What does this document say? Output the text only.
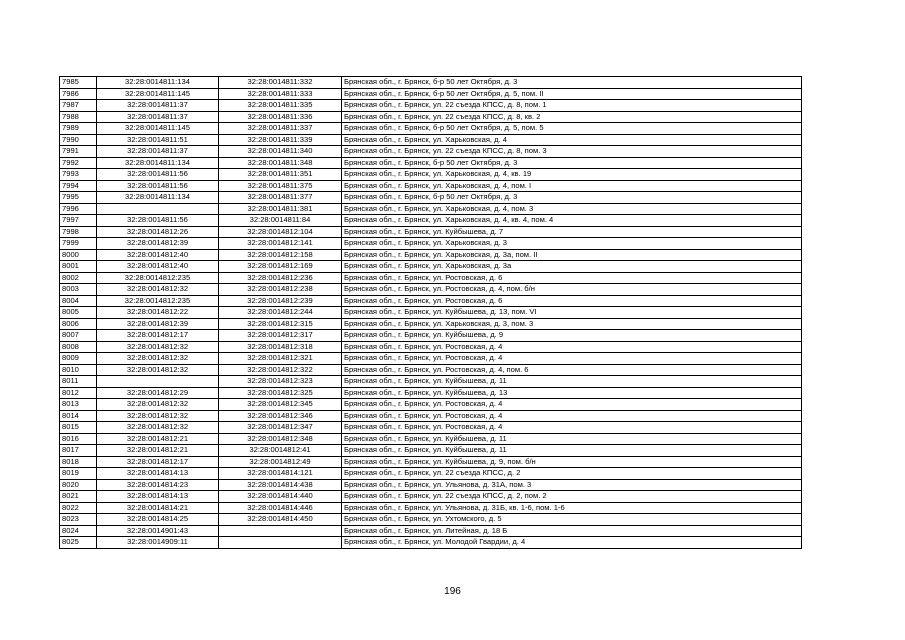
7985	32:28:0014811:134	32:28:0014811:332	Брянская обл., г. Брянск, б-р 50 лет Октября, д. 3
7986	32:28:0014811:145	32:28:0014811:333	Брянская обл., г. Брянск, б-р 50 лет Октября, д. 5, пом. II
7987	32:28:0014811:37	32:28:0014811:335	Брянская обл., г. Брянск, ул. 22 съезда КПСС, д. 8, пом. 1
7988	32:28:0014811:37	32:28:0014811:336	Брянская обл., г. Брянск, ул. 22 съезда КПСС, д. 8, кв. 2
7989	32:28:0014811:145	32:28:0014811:337	Брянская обл., г. Брянск, б-р 50 лет Октября, д. 5, пом. 5
7990	32:28:0014811:51	32:28:0014811:339	Брянская обл., г. Брянск, ул. Харьковская, д. 4
7991	32:28:0014811:37	32:28:0014811:340	Брянская обл., г. Брянск, ул. 22 съезда КПСС, д. 8, пом. 3
7992	32:28:0014811:134	32:28:0014811:348	Брянская обл., г. Брянск, б-р 50 лет Октября, д. 3
7993	32:28:0014811:56	32:28:0014811:351	Брянская обл., г. Брянск, ул. Харьковская, д. 4, кв. 19
7994	32:28:0014811:56	32:28:0014811:375	Брянская обл., г. Брянск, ул. Харьковская, д. 4, пом. I
7995	32:28:0014811:134	32:28:0014811:377	Брянская обл., г. Брянск, б-р 50 лет Октября, д. 3
7996		32:28:0014811:381	Брянская обл., г. Брянск, ул. Харьковская, д. 4, пом. 3
7997	32:28:0014811:56	32:28:0014811:84	Брянская обл., г. Брянск, ул. Харьковская, д. 4, кв. 4, пом. 4
7998	32:28:0014812:26	32:28:0014812:104	Брянская обл., г. Брянск, ул. Куйбышева, д. 7
7999	32:28:0014812:39	32:28:0014812:141	Брянская обл., г. Брянск, ул. Харьковская, д. 3
8000	32:28:0014812:40	32:28:0014812:158	Брянская обл., г. Брянск, ул. Харьковская, д. 3а, пом. II
8001	32:28:0014812:40	32:28:0014812:169	Брянская обл., г. Брянск, ул. Харьковская, д. 3а
8002	32:28:0014812:235	32:28:0014812:236	Брянская обл., г. Брянск, ул. Ростовская, д. 6
8003	32:28:0014812:32	32:28:0014812:238	Брянская обл., г. Брянск, ул. Ростовская, д. 4, пом. б/н
8004	32:28:0014812:235	32:28:0014812:239	Брянская обл., г. Брянск, ул. Ростовская, д. 6
8005	32:28:0014812:22	32:28:0014812:244	Брянская обл., г. Брянск, ул. Куйбышева, д. 13, пом. VI
8006	32:28:0014812:39	32:28:0014812:315	Брянская обл., г. Брянск, ул. Харьковская, д. 3, пом. 3
8007	32:28:0014812:17	32:28:0014812:317	Брянская обл., г. Брянск, ул. Куйбышева, д. 9
8008	32:28:0014812:32	32:28:0014812:318	Брянская обл., г. Брянск, ул. Ростовская, д. 4
8009	32:28:0014812:32	32:28:0014812:321	Брянская обл., г. Брянск, ул. Ростовская, д. 4
8010	32:28:0014812:32	32:28:0014812:322	Брянская обл., г. Брянск, ул. Ростовская, д. 4, пом. 6
8011		32:28:0014812:323	Брянская обл., г. Брянск, ул. Куйбышева, д. 11
8012	32:28:0014812:29	32:28:0014812:325	Брянская обл., г. Брянск, ул. Куйбышева, д. 13
8013	32:28:0014812:32	32:28:0014812:345	Брянская обл., г. Брянск, ул. Ростовская, д. 4
8014	32:28:0014812:32	32:28:0014812:346	Брянская обл., г. Брянск, ул. Ростовская, д. 4
8015	32:28:0014812:32	32:28:0014812:347	Брянская обл., г. Брянск, ул. Ростовская, д. 4
8016	32:28:0014812:21	32:28:0014812:348	Брянская обл., г. Брянск, ул. Куйбышева, д. 11
8017	32:28:0014812:21	32:28:0014812:41	Брянская обл., г. Брянск, ул. Куйбышева, д. 11
8018	32:28:0014812:17	32:28:0014812:49	Брянская обл., г. Брянск, ул. Куйбышева, д. 9, пом. б/н
8019	32:28:0014814:13	32:28:0014814:121	Брянская обл., г. Брянск, ул. 22 съезда КПСС, д. 2
8020	32:28:0014814:23	32:28:0014814:438	Брянская обл., г. Брянск, ул. Ульянова, д. 31А, пом. 3
8021	32:28:0014814:13	32:28:0014814:440	Брянская обл., г. Брянск, ул. 22 съезда КПСС, д. 2, пом. 2
8022	32:28:0014814:21	32:28:0014814:446	Брянская обл., г. Брянск, ул. Ульянова, д. 31Б, кв. 1-6, пом. 1-6
8023	32:28:0014814:25	32:28:0014814:450	Брянская обл., г. Брянск, ул. Ухтомского, д. 5
8024	32:28:0014901:43		Брянская обл., г. Брянск, ул. Литейная, д. 18 Б
8025	32:28:0014909:11		Брянская обл., г. Брянск, ул. Молодой Гвардии, д. 4
196
